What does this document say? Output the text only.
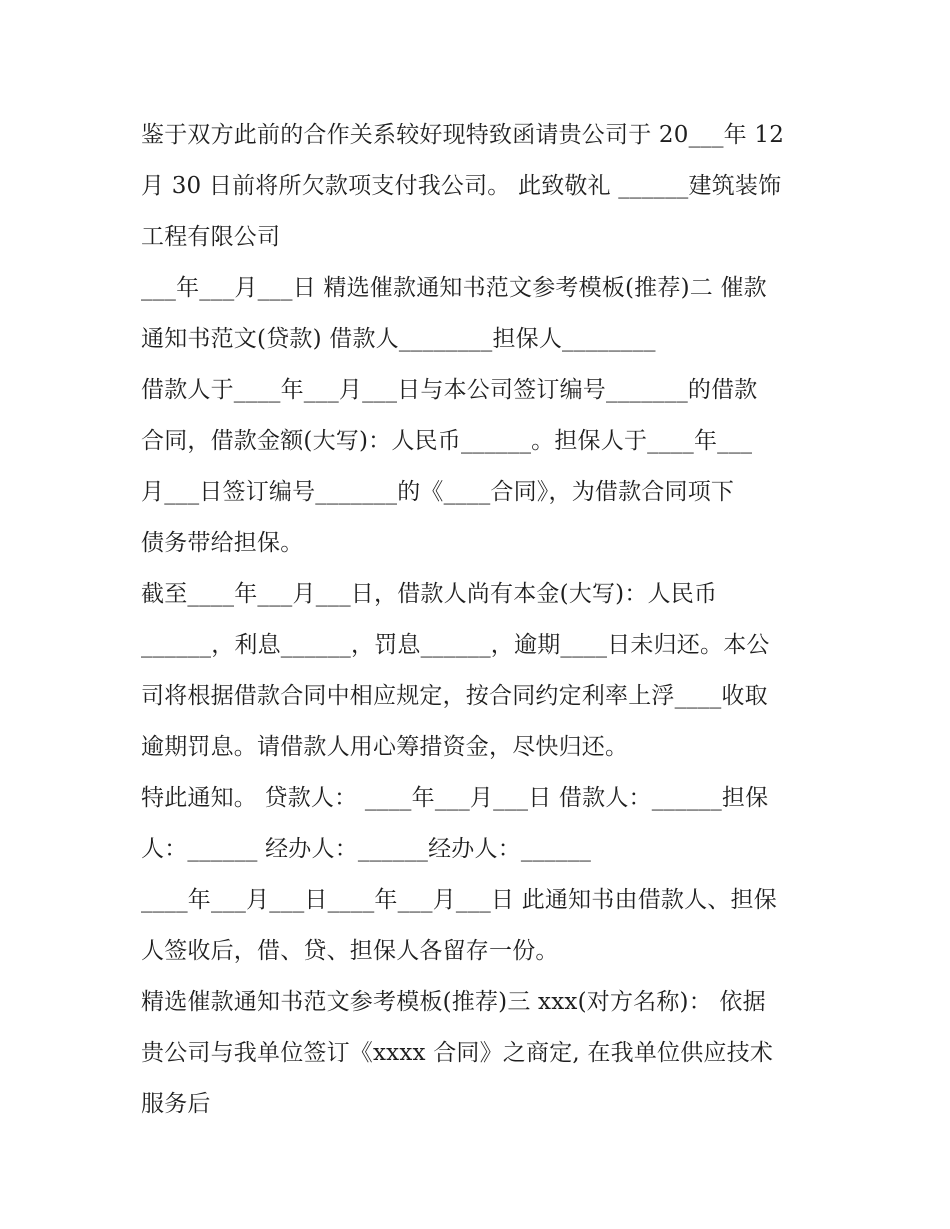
鉴于双方此前的合作关系较好现特致函请贵公司于 20___年 12
月 30 日前将所欠款项支付我公司。 此致敬礼 ______建筑装饰
工程有限公司
___年___月___日 精选催款通知书范文参考模板(推荐)二 催款
通知书范文(贷款) 借款人________担保人________
借款人于____年___月___日与本公司签订编号_______的借款
合同，借款金额(大写)：人民币______。担保人于____年___
月___日签订编号_______的《____合同》，为借款合同项下
债务带给担保。
截至____年___月___日，借款人尚有本金(大写)：人民币
______，利息______，罚息______，逾期____日未归还。本公
司将根据借款合同中相应规定，按合同约定利率上浮____收取
逾期罚息。请借款人用心筹措资金，尽快归还。
特此通知。 贷款人： ____年___月___日 借款人：______担保
人：______ 经办人：______经办人：______
____年___月___日____年___月___日 此通知书由借款人、担保
人签收后，借、贷、担保人各留存一份。
精选催款通知书范文参考模板(推荐)三 xxx(对方名称)： 依据
贵公司与我单位签订《xxxx 合同》之商定, 在我单位供应技术
服务后
